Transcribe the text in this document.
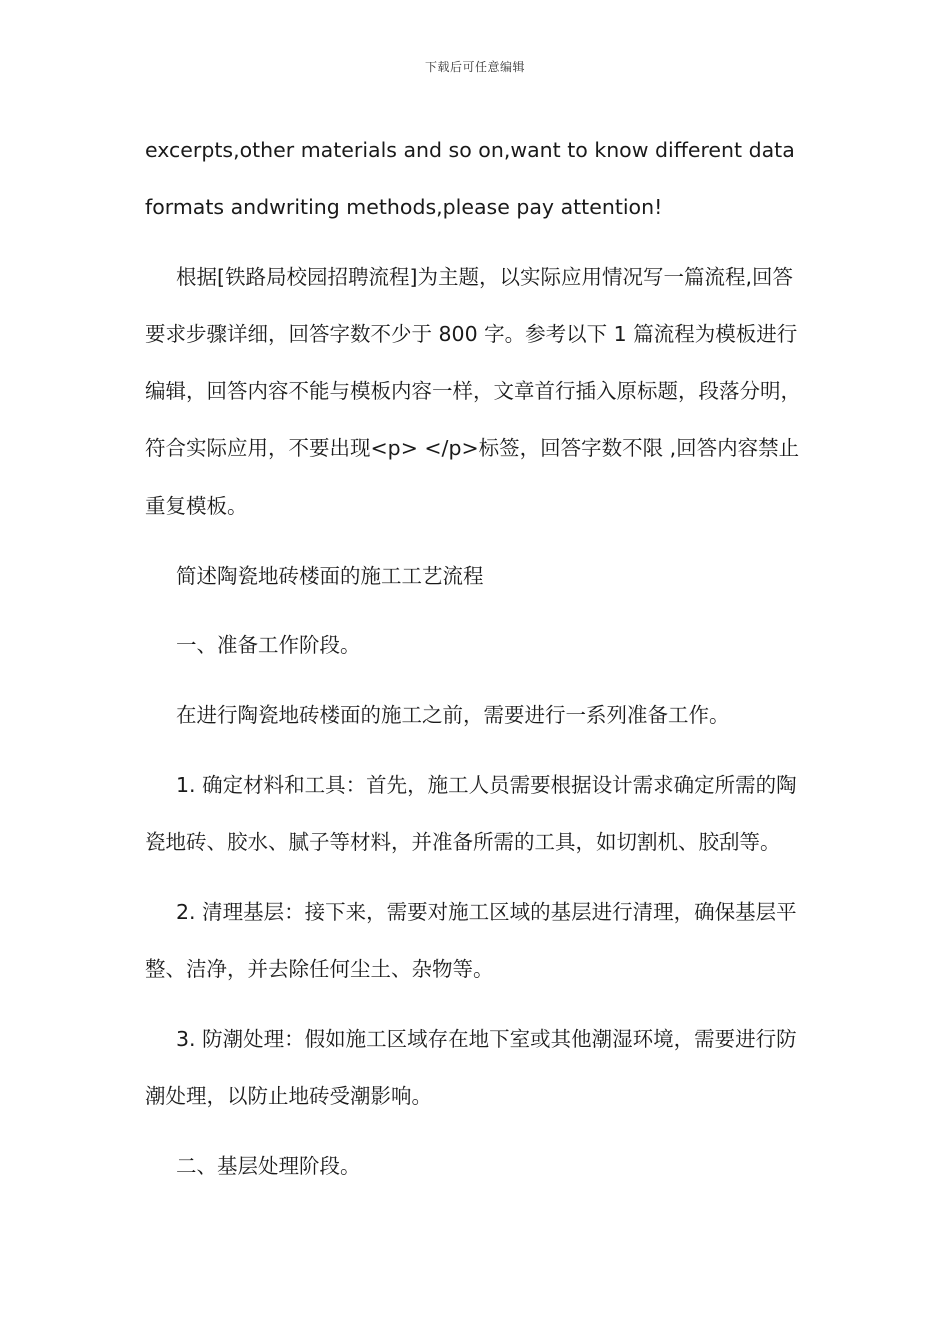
下载后可任意编辑
excerpts,other materials and so on,want to know different data
formats andwriting methods,please pay attention!
根据[铁路局校园招聘流程]为主题，以实际应用情况写一篇流程,回答
要求步骤详细，回答字数不少于 800 字。参考以下 1 篇流程为模板进行
编辑，回答内容不能与模板内容一样，文章首行插入原标题，段落分明，
符合实际应用，不要出现<p> </p>标签，回答字数不限 ,回答内容禁止
重复模板。
简述陶瓷地砖楼面的施工工艺流程
一、准备工作阶段。
在进行陶瓷地砖楼面的施工之前，需要进行一系列准备工作。
1. 确定材料和工具：首先，施工人员需要根据设计需求确定所需的陶
瓷地砖、胶水、腻子等材料，并准备所需的工具，如切割机、胶刮等。
2. 清理基层：接下来，需要对施工区域的基层进行清理，确保基层平
整、洁净，并去除任何尘土、杂物等。
3. 防潮处理：假如施工区域存在地下室或其他潮湿环境，需要进行防
潮处理，以防止地砖受潮影响。
二、基层处理阶段。
